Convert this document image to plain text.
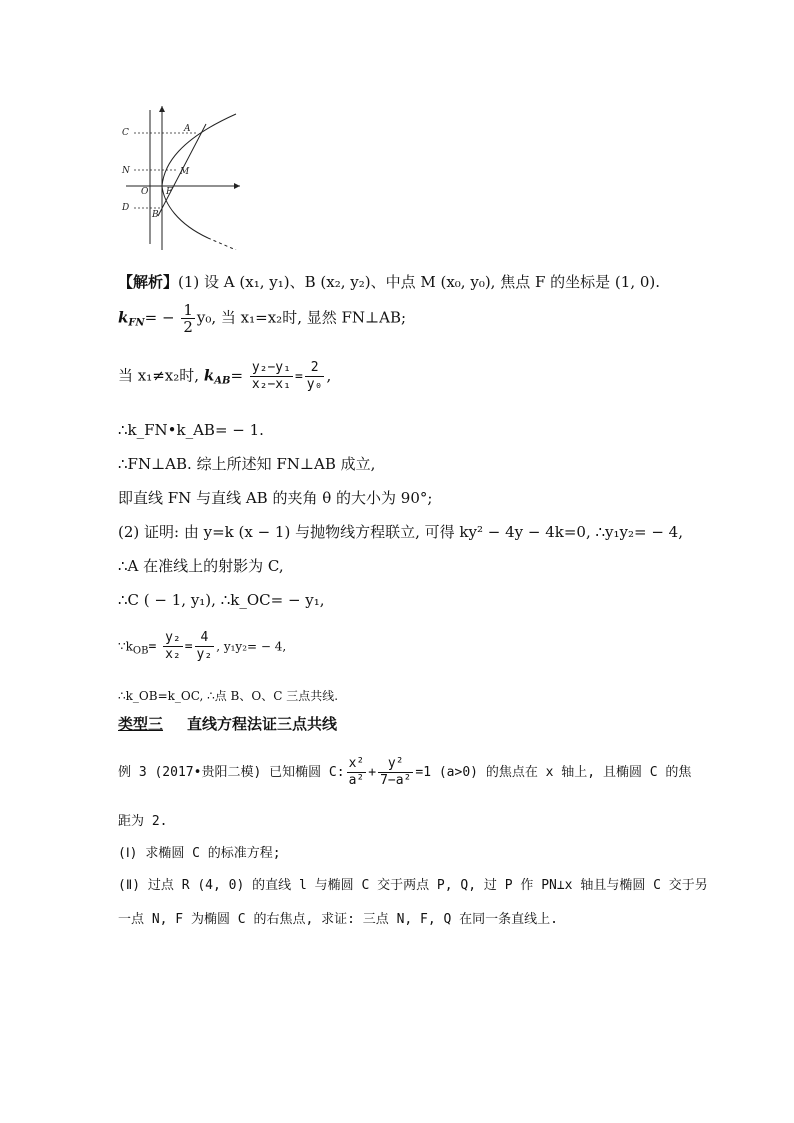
C	A
N	M
O F
D
B
【解析】(1) 设 A (x₁, y₁)、B (x₂, y₂)、中点 M (x₀, y₀), 焦点 F 的坐标是 (1, 0).
$k_{FN}= - \frac{1}{2} y_0$, 当 x₁=x₂时, 显然 FN⊥AB;
当 x₁≠x₂时, $k_{AB}= \frac{\text{y₂−y₁}}{\text{x₂−x₁}} = \frac{2}{\text{y₀}}$ ,
∴k_FN•k_AB= − 1.
∴FN⊥AB. 综上所述知 FN⊥AB 成立,
即直线 FN 与直线 AB 的夹角 θ 的大小为 90°;
(2) 证明: 由 y=k (x − 1) 与抛物线方程联立, 可得 ky² − 4y − 4k=0, ∴y₁y₂= − 4,
∴A 在准线上的射影为 C,
∴C ( − 1, y₁), ∴k_OC= − y₁,
$\because k_{OB}= \frac{\text{y₂}}{\text{x₂}} = \frac{4}{\text{y₂}}$ , y₁y₂= − 4,
∴k_OB=k_OC, ∴点 B、O、C 三点共线.
类型三 直线方程法证三点共线
例 3 (2017•贵阳二模) 已知椭圆 C: $\frac{\text{x²}}{\text{a²}} + \frac{\text{y²}}{\text{7−a²}} =1$ (a>0) 的焦点在 x 轴上, 且椭圆 C 的焦
距为 2.
(Ⅰ) 求椭圆 C 的标准方程;
(Ⅱ) 过点 R (4, 0) 的直线 l 与椭圆 C 交于两点 P, Q, 过 P 作 PN⊥x 轴且与椭圆 C 交于另
一点 N, F 为椭圆 C 的右焦点, 求证: 三点 N, F, Q 在同一条直线上.
